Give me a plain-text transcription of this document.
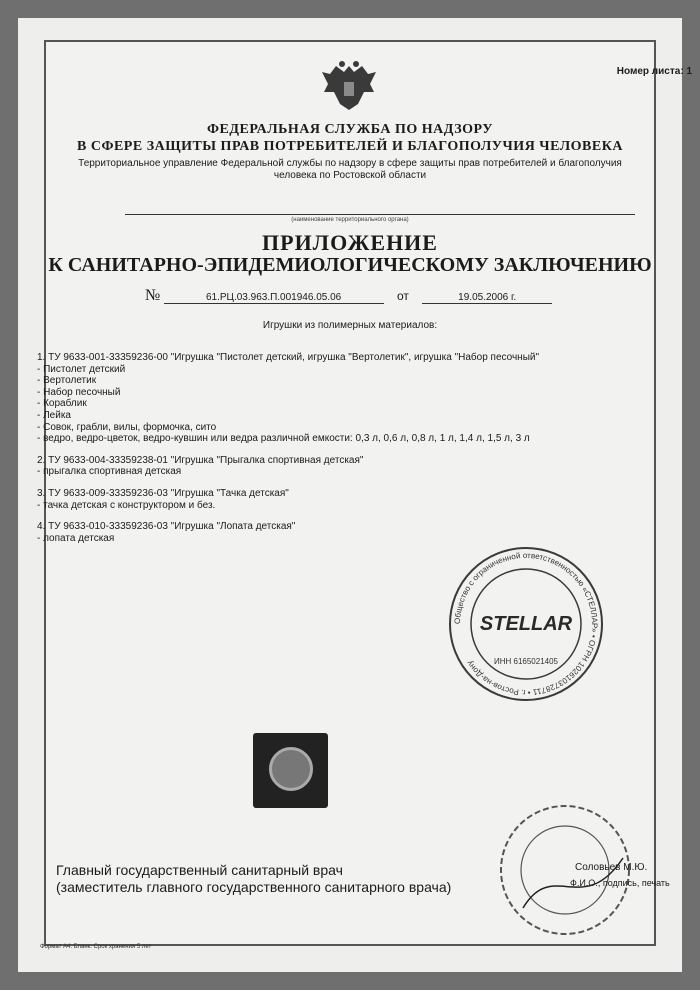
Номер листа: 1
ФЕДЕРАЛЬНАЯ СЛУЖБА ПО НАДЗОРУ
В СФЕРЕ ЗАЩИТЫ ПРАВ ПОТРЕБИТЕЛЕЙ И БЛАГОПОЛУЧИЯ ЧЕЛОВЕКА
Территориальное управление Федеральной службы по надзору в сфере защиты прав потребителей и благополучия человека по Ростовской области
(наименование территориального органа)
ПРИЛОЖЕНИЕ
К САНИТАРНО-ЭПИДЕМИОЛОГИЧЕСКОМУ ЗАКЛЮЧЕНИЮ
№	61.РЦ.03.963.П.001946.05.06	от	19.05.2006 г.
Игрушки из полимерных материалов:
1. ТУ 9633-001-33359236-00 "Игрушка "Пистолет детский, игрушка "Вертолетик", игрушка "Набор песочный"
- Пистолет детский
- Вертолетик
- Набор песочный
- Кораблик
- Лейка
- Совок, грабли, вилы, формочка, сито
- ведро, ведро-цветок, ведро-кувшин или ведра различной емкости: 0,3 л, 0,6 л, 0,8 л, 1 л, 1,4 л, 1,5 л, 3 л
2. ТУ 9633-004-33359238-01 "Игрушка "Прыгалка спортивная детская"
- прыгалка спортивная детская
3. ТУ 9633-009-33359236-03 "Игрушка "Тачка детская"
- тачка детская с конструктором и без.
4. ТУ 9633-010-33359236-03 "Игрушка "Лопата детская"
- лопата детская
Общество с ограниченной ответственностью «СТЕЛЛАР» • ОГРН 1026103728711 • г. Ростов-на-Дону
STELLAR
ИНН 6165021405
Главный государственный санитарный врач
(заместитель главного государственного санитарного врача)
Соловьев М.Ю.
Ф.И.О., подпись, печать
Формат А4. Бланк. Срок хранения 5 лет
